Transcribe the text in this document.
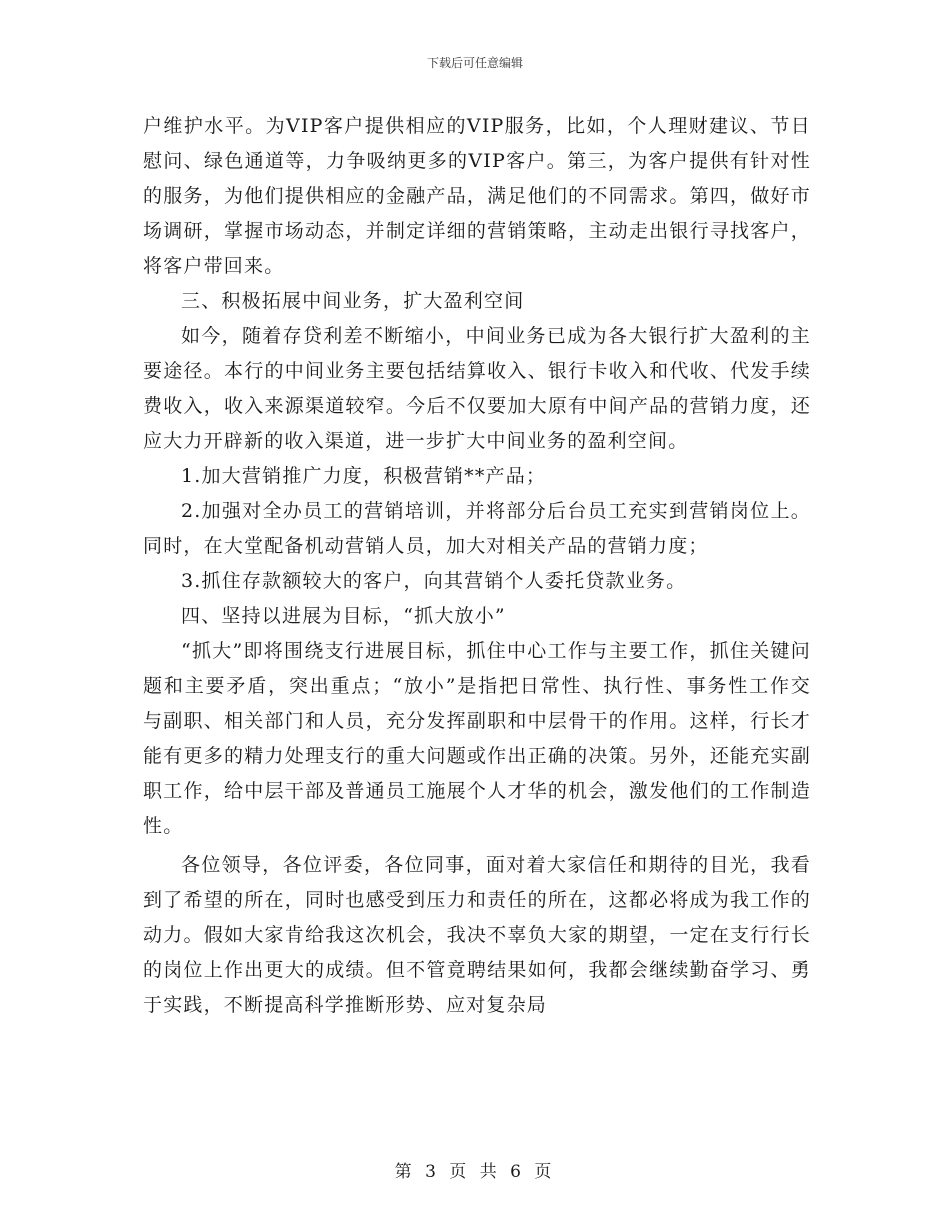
下载后可任意编辑

户维护水平。为VIP客户提供相应的VIP服务，比如，个人理财建议、节日慰问、绿色通道等，力争吸纳更多的VIP客户。第三，为客户提供有针对性的服务，为他们提供相应的金融产品，满足他们的不同需求。第四，做好市场调研，掌握市场动态，并制定详细的营销策略，主动走出银行寻找客户，将客户带回来。

三、积极拓展中间业务，扩大盈利空间

如今，随着存贷利差不断缩小，中间业务已成为各大银行扩大盈利的主要途径。本行的中间业务主要包括结算收入、银行卡收入和代收、代发手续费收入，收入来源渠道较窄。今后不仅要加大原有中间产品的营销力度，还应大力开辟新的收入渠道，进一步扩大中间业务的盈利空间。

1.加大营销推广力度，积极营销**产品；

2.加强对全办员工的营销培训，并将部分后台员工充实到营销岗位上。同时，在大堂配备机动营销人员，加大对相关产品的营销力度；

3.抓住存款额较大的客户，向其营销个人委托贷款业务。

四、坚持以进展为目标，“抓大放小”

“抓大”即将围绕支行进展目标，抓住中心工作与主要工作，抓住关键问题和主要矛盾，突出重点；“放小”是指把日常性、执行性、事务性工作交与副职、相关部门和人员，充分发挥副职和中层骨干的作用。这样，行长才能有更多的精力处理支行的重大问题或作出正确的决策。另外，还能充实副职工作，给中层干部及普通员工施展个人才华的机会，激发他们的工作制造性。

各位领导，各位评委，各位同事，面对着大家信任和期待的目光，我看到了希望的所在，同时也感受到压力和责任的所在，这都必将成为我工作的动力。假如大家肯给我这次机会，我决不辜负大家的期望，一定在支行行长的岗位上作出更大的成绩。但不管竟聘结果如何，我都会继续勤奋学习、勇于实践，不断提高科学推断形势、应对复杂局

第 3 页 共 6 页
